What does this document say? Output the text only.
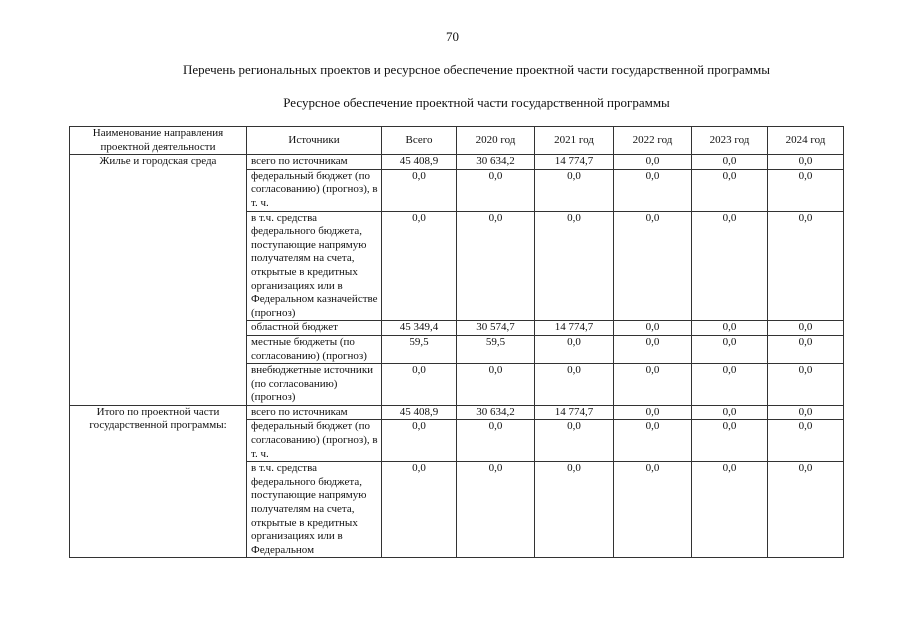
70
Перечень региональных проектов и ресурсное обеспечение проектной части государственной программы
Ресурсное обеспечение проектной части государственной программы
Наименование направления проектной деятельности	Источники	Всего	2020 год	2021 год	2022 год	2023 год	2024 год
Жилье и городская среда	всего по источникам	45 408,9	30 634,2	14 774,7	0,0	0,0	0,0
	федеральный бюджет (по согласованию) (прогноз), в т. ч.	0,0	0,0	0,0	0,0	0,0	0,0
	в т.ч. средства федерального бюджета, поступающие напрямую получателям на счета, открытые в кредитных организациях или в Федеральном казначействе (прогноз)	0,0	0,0	0,0	0,0	0,0	0,0
	областной бюджет	45 349,4	30 574,7	14 774,7	0,0	0,0	0,0
	местные бюджеты (по согласованию) (прогноз)	59,5	59,5	0,0	0,0	0,0	0,0
	внебюджетные источники (по согласованию) (прогноз)	0,0	0,0	0,0	0,0	0,0	0,0
Итого по проектной части государственной программы:	всего по источникам	45 408,9	30 634,2	14 774,7	0,0	0,0	0,0
	федеральный бюджет (по согласованию) (прогноз), в т. ч.	0,0	0,0	0,0	0,0	0,0	0,0
	в т.ч. средства федерального бюджета, поступающие напрямую получателям на счета, открытые в кредитных организациях или в Федеральном	0,0	0,0	0,0	0,0	0,0	0,0
